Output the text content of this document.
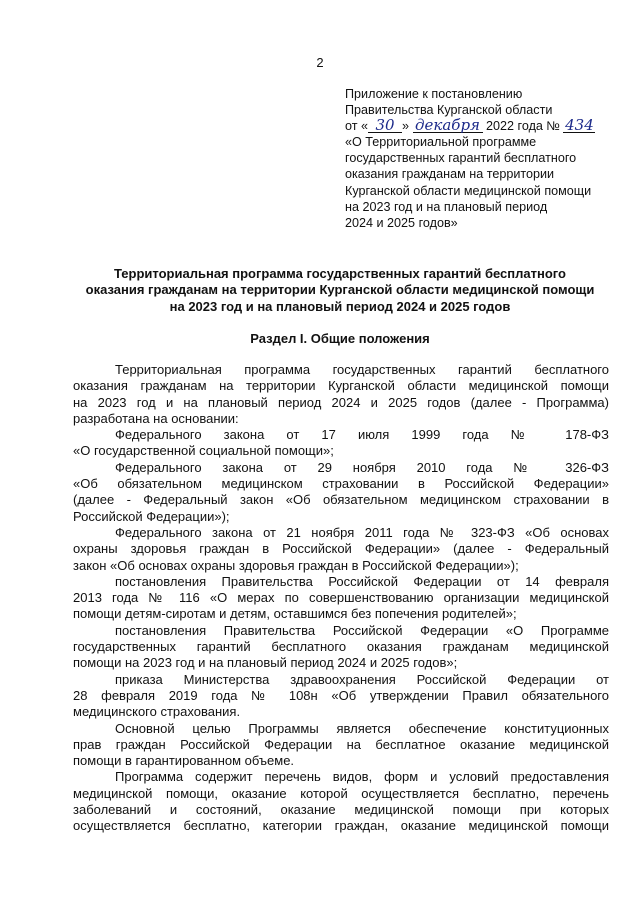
2
Приложение к постановлению
Правительства Курганской области
от « 30 » декабря 2022 года № 434
«О Территориальной программе
государственных гарантий бесплатного
оказания гражданам на территории
Курганской области медицинской помощи
на 2023 год и на плановый период
2024 и 2025 годов»
Территориальная программа государственных гарантий бесплатного
оказания гражданам на территории Курганской области медицинской помощи
на 2023 год и на плановый период 2024 и 2025 годов
Раздел I. Общие положения
Территориальная программа государственных гарантий бесплатного
оказания гражданам на территории Курганской области медицинской помощи
на 2023 год и на плановый период 2024 и 2025 годов (далее - Программа)
разработана на основании:
Федерального закона от 17 июля 1999 года № 178-ФЗ
«О государственной социальной помощи»;
Федерального закона от 29 ноября 2010 года № 326-ФЗ
«Об обязательном медицинском страховании в Российской Федерации»
(далее - Федеральный закон «Об обязательном медицинском страховании в
Российской Федерации»);
Федерального закона от 21 ноября 2011 года № 323-ФЗ «Об основах
охраны здоровья граждан в Российской Федерации» (далее - Федеральный
закон «Об основах охраны здоровья граждан в Российской Федерации»);
постановления Правительства Российской Федерации от 14 февраля
2013 года № 116 «О мерах по совершенствованию организации медицинской
помощи детям-сиротам и детям, оставшимся без попечения родителей»;
постановления Правительства Российской Федерации «О Программе
государственных гарантий бесплатного оказания гражданам медицинской
помощи на 2023 год и на плановый период 2024 и 2025 годов»;
приказа Министерства здравоохранения Российской Федерации от
28 февраля 2019 года № 108н «Об утверждении Правил обязательного
медицинского страхования.
Основной целью Программы является обеспечение конституционных
прав граждан Российской Федерации на бесплатное оказание медицинской
помощи в гарантированном объеме.
Программа содержит перечень видов, форм и условий предоставления
медицинской помощи, оказание которой осуществляется бесплатно, перечень
заболеваний и состояний, оказание медицинской помощи при которых
осуществляется бесплатно, категории граждан, оказание медицинской помощи
